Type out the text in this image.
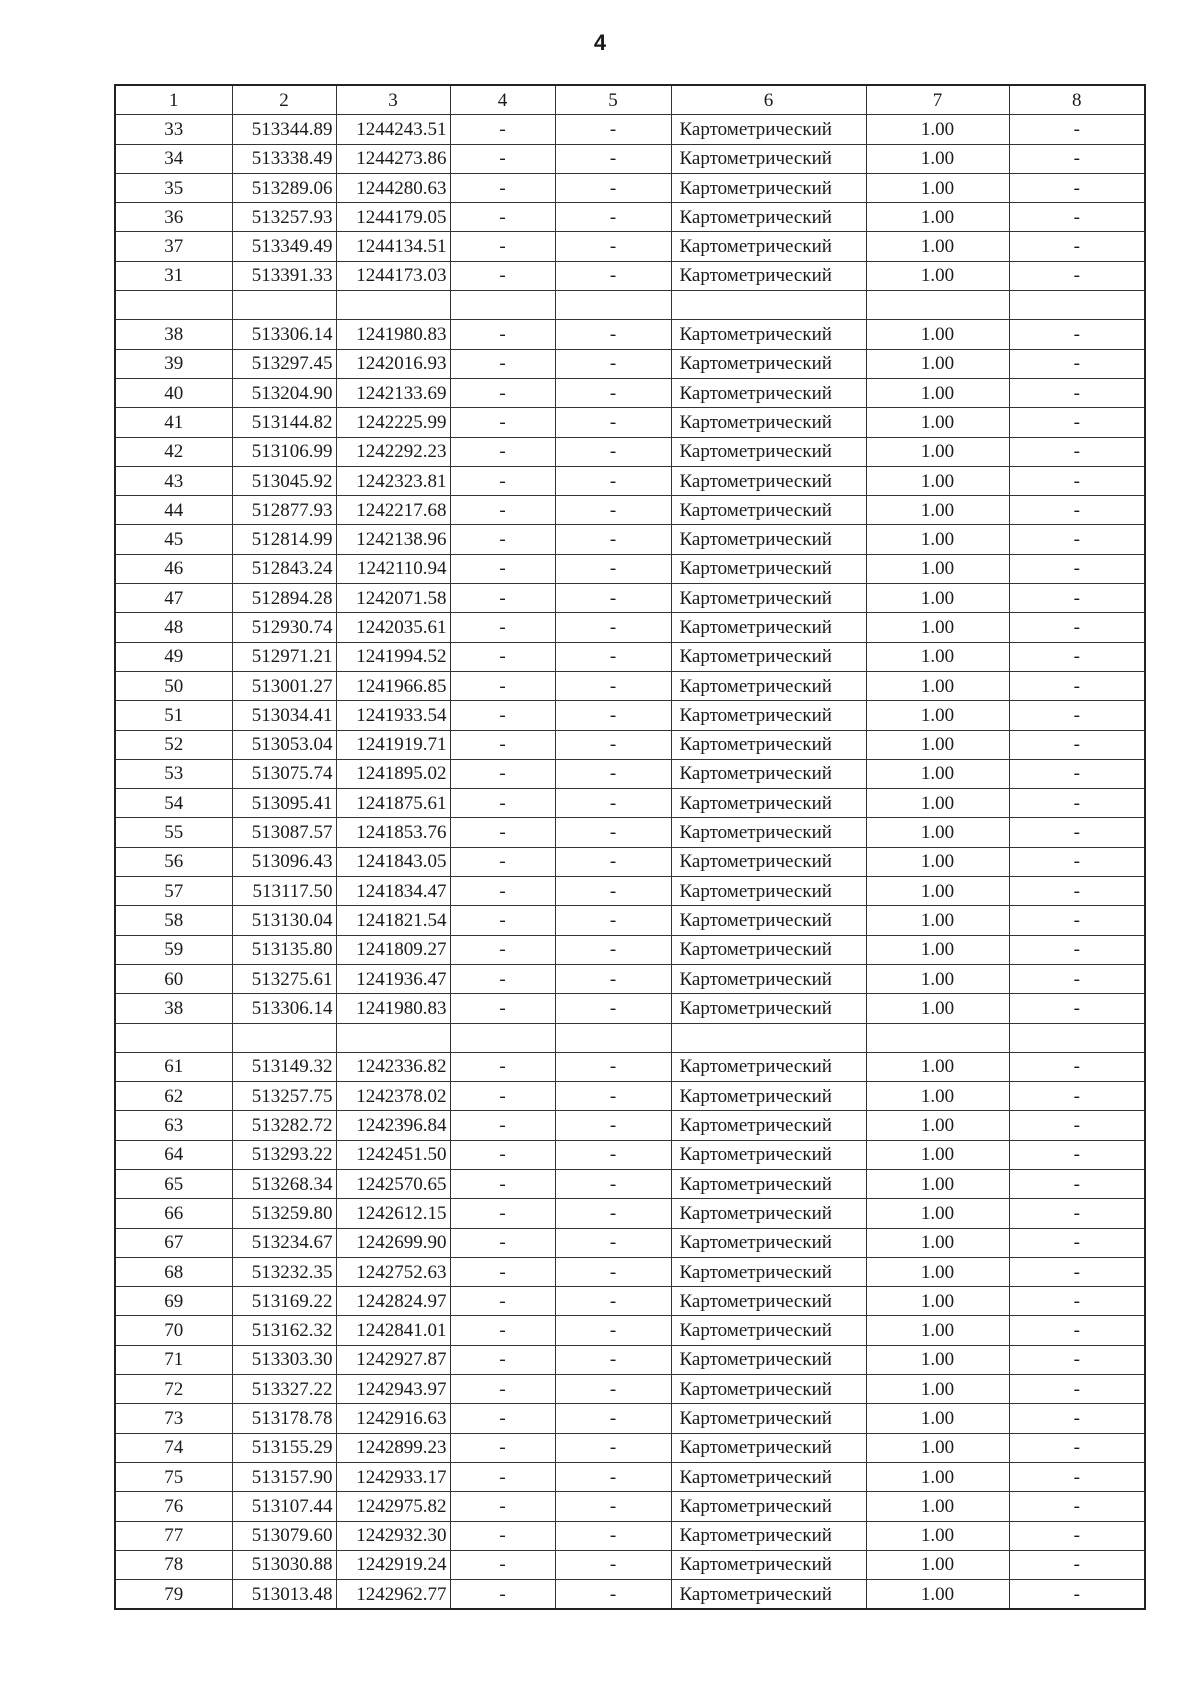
4
1	2	3	4	5	6	7	8
33	513344.89	1244243.51	-	-	Картометрический	1.00	-
34	513338.49	1244273.86	-	-	Картометрический	1.00	-
35	513289.06	1244280.63	-	-	Картометрический	1.00	-
36	513257.93	1244179.05	-	-	Картометрический	1.00	-
37	513349.49	1244134.51	-	-	Картометрический	1.00	-
31	513391.33	1244173.03	-	-	Картометрический	1.00	-

38	513306.14	1241980.83	-	-	Картометрический	1.00	-
39	513297.45	1242016.93	-	-	Картометрический	1.00	-
40	513204.90	1242133.69	-	-	Картометрический	1.00	-
41	513144.82	1242225.99	-	-	Картометрический	1.00	-
42	513106.99	1242292.23	-	-	Картометрический	1.00	-
43	513045.92	1242323.81	-	-	Картометрический	1.00	-
44	512877.93	1242217.68	-	-	Картометрический	1.00	-
45	512814.99	1242138.96	-	-	Картометрический	1.00	-
46	512843.24	1242110.94	-	-	Картометрический	1.00	-
47	512894.28	1242071.58	-	-	Картометрический	1.00	-
48	512930.74	1242035.61	-	-	Картометрический	1.00	-
49	512971.21	1241994.52	-	-	Картометрический	1.00	-
50	513001.27	1241966.85	-	-	Картометрический	1.00	-
51	513034.41	1241933.54	-	-	Картометрический	1.00	-
52	513053.04	1241919.71	-	-	Картометрический	1.00	-
53	513075.74	1241895.02	-	-	Картометрический	1.00	-
54	513095.41	1241875.61	-	-	Картометрический	1.00	-
55	513087.57	1241853.76	-	-	Картометрический	1.00	-
56	513096.43	1241843.05	-	-	Картометрический	1.00	-
57	513117.50	1241834.47	-	-	Картометрический	1.00	-
58	513130.04	1241821.54	-	-	Картометрический	1.00	-
59	513135.80	1241809.27	-	-	Картометрический	1.00	-
60	513275.61	1241936.47	-	-	Картометрический	1.00	-
38	513306.14	1241980.83	-	-	Картометрический	1.00	-

61	513149.32	1242336.82	-	-	Картометрический	1.00	-
62	513257.75	1242378.02	-	-	Картометрический	1.00	-
63	513282.72	1242396.84	-	-	Картометрический	1.00	-
64	513293.22	1242451.50	-	-	Картометрический	1.00	-
65	513268.34	1242570.65	-	-	Картометрический	1.00	-
66	513259.80	1242612.15	-	-	Картометрический	1.00	-
67	513234.67	1242699.90	-	-	Картометрический	1.00	-
68	513232.35	1242752.63	-	-	Картометрический	1.00	-
69	513169.22	1242824.97	-	-	Картометрический	1.00	-
70	513162.32	1242841.01	-	-	Картометрический	1.00	-
71	513303.30	1242927.87	-	-	Картометрический	1.00	-
72	513327.22	1242943.97	-	-	Картометрический	1.00	-
73	513178.78	1242916.63	-	-	Картометрический	1.00	-
74	513155.29	1242899.23	-	-	Картометрический	1.00	-
75	513157.90	1242933.17	-	-	Картометрический	1.00	-
76	513107.44	1242975.82	-	-	Картометрический	1.00	-
77	513079.60	1242932.30	-	-	Картометрический	1.00	-
78	513030.88	1242919.24	-	-	Картометрический	1.00	-
79	513013.48	1242962.77	-	-	Картометрический	1.00	-
